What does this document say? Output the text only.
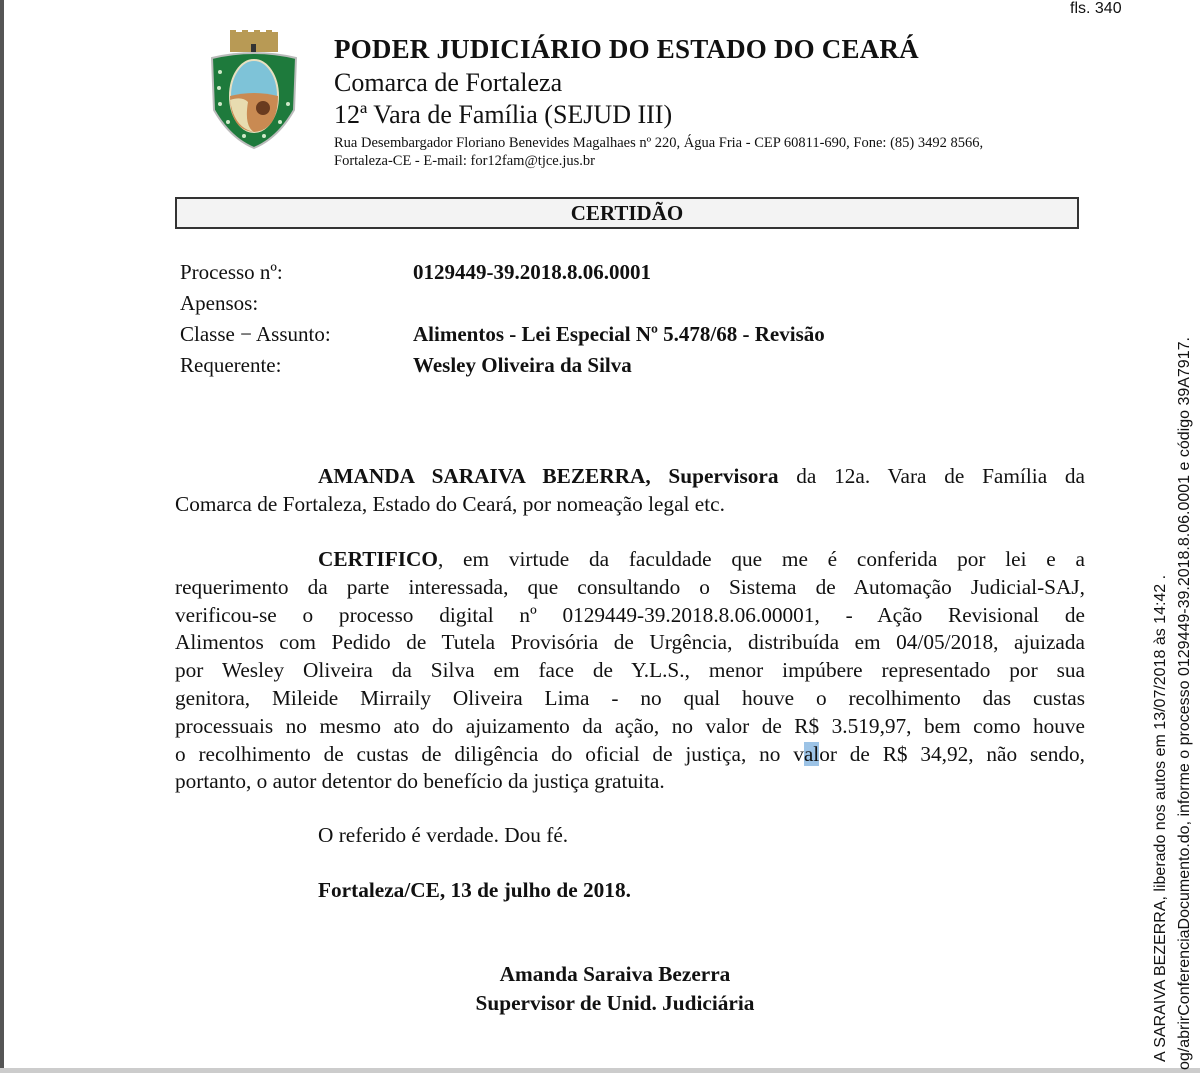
fls. 340
PODER JUDICIÁRIO DO ESTADO DO CEARÁ
Comarca de Fortaleza
12ª Vara de Família (SEJUD III)
Rua Desembargador Floriano Benevides Magalhaes nº 220, Água Fria - CEP 60811-690, Fone: (85) 3492 8566,
Fortaleza-CE - E-mail: for12fam@tjce.jus.br
CERTIDÃO
Processo nº:	0129449-39.2018.8.06.0001
Apensos:
Classe − Assunto:	Alimentos - Lei Especial Nº 5.478/68 - Revisão
Requerente:	Wesley Oliveira da Silva
AMANDA SARAIVA BEZERRA, Supervisora da 12a. Vara de Família da
Comarca de Fortaleza, Estado do Ceará, por nomeação legal etc.
CERTIFICO, em virtude da faculdade que me é conferida por lei e a
requerimento da parte interessada, que consultando o Sistema de Automação Judicial-SAJ,
verificou-se o processo digital nº 0129449-39.2018.8.06.00001, - Ação Revisional de
Alimentos com Pedido de Tutela Provisória de Urgência, distribuída em 04/05/2018, ajuizada
por Wesley Oliveira da Silva em face de Y.L.S., menor impúbere representado por sua
genitora, Mileide Mirraily Oliveira Lima - no qual houve o recolhimento das custas
processuais no mesmo ato do ajuizamento da ação, no valor de R$ 3.519,97, bem como houve
o recolhimento de custas de diligência do oficial de justiça, no valor de R$ 34,92, não sendo,
portanto, o autor detentor do benefício da justiça gratuita.
O referido é verdade. Dou fé.
Fortaleza/CE, 13 de julho de 2018.
Amanda Saraiva Bezerra
Supervisor de Unid. Judiciária	A SARAIVA BEZERRA, liberado nos autos em 13/07/2018 às 14:42 . og/abrirConferenciaDocumento.do, informe o processo 0129449-39.2018.8.06.0001 e código 39A7917.
